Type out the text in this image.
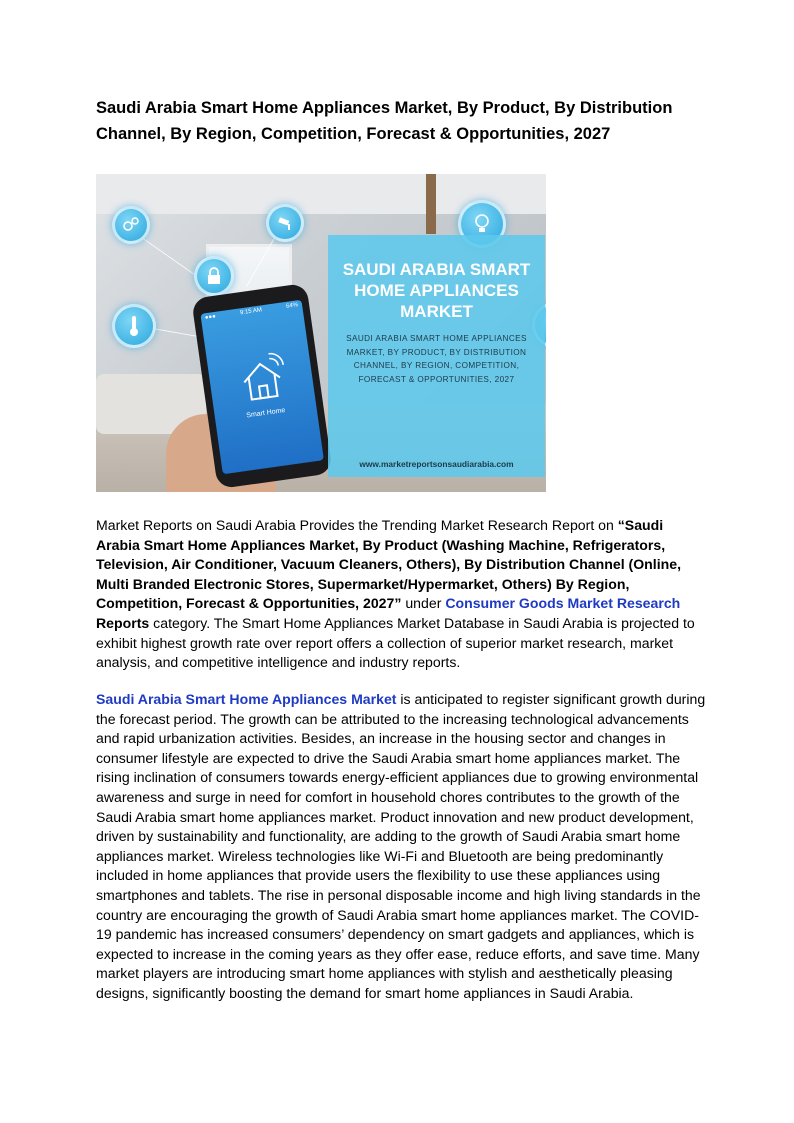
Saudi Arabia Smart Home Appliances Market, By Product, By Distribution Channel, By Region, Competition, Forecast & Opportunities, 2027
●●●
9:15 AM
64%
Smart Home
SAUDI ARABIA SMART HOME APPLIANCES MARKET
SAUDI ARABIA SMART HOME APPLIANCES MARKET, BY PRODUCT, BY DISTRIBUTION CHANNEL, BY REGION, COMPETITION, FORECAST & OPPORTUNITIES, 2027
www.marketreportsonsaudiarabia.com

Market Reports on Saudi Arabia Provides the Trending Market Research Report on “Saudi Arabia Smart Home Appliances Market, By Product (Washing Machine, Refrigerators, Television, Air Conditioner, Vacuum Cleaners, Others), By Distribution Channel (Online, Multi Branded Electronic Stores, Supermarket/Hypermarket, Others) By Region, Competition, Forecast & Opportunities, 2027” under Consumer Goods Market Research Reports category. The Smart Home Appliances Market Database in Saudi Arabia is projected to exhibit highest growth rate over report offers a collection of superior market research, market analysis, and competitive intelligence and industry reports.

Saudi Arabia Smart Home Appliances Market is anticipated to register significant growth during the forecast period. The growth can be attributed to the increasing technological advancements and rapid urbanization activities. Besides, an increase in the housing sector and changes in consumer lifestyle are expected to drive the Saudi Arabia smart home appliances market. The rising inclination of consumers towards energy-efficient appliances due to growing environmental awareness and surge in need for comfort in household chores contributes to the growth of the Saudi Arabia smart home appliances market. Product innovation and new product development, driven by sustainability and functionality, are adding to the growth of Saudi Arabia smart home appliances market. Wireless technologies like Wi-Fi and Bluetooth are being predominantly included in home appliances that provide users the flexibility to use these appliances using smartphones and tablets. The rise in personal disposable income and high living standards in the country are encouraging the growth of Saudi Arabia smart home appliances market. The COVID-19 pandemic has increased consumers’ dependency on smart gadgets and appliances, which is expected to increase in the coming years as they offer ease, reduce efforts, and save time. Many market players are introducing smart home appliances with stylish and aesthetically pleasing designs, significantly boosting the demand for smart home appliances in Saudi Arabia.
